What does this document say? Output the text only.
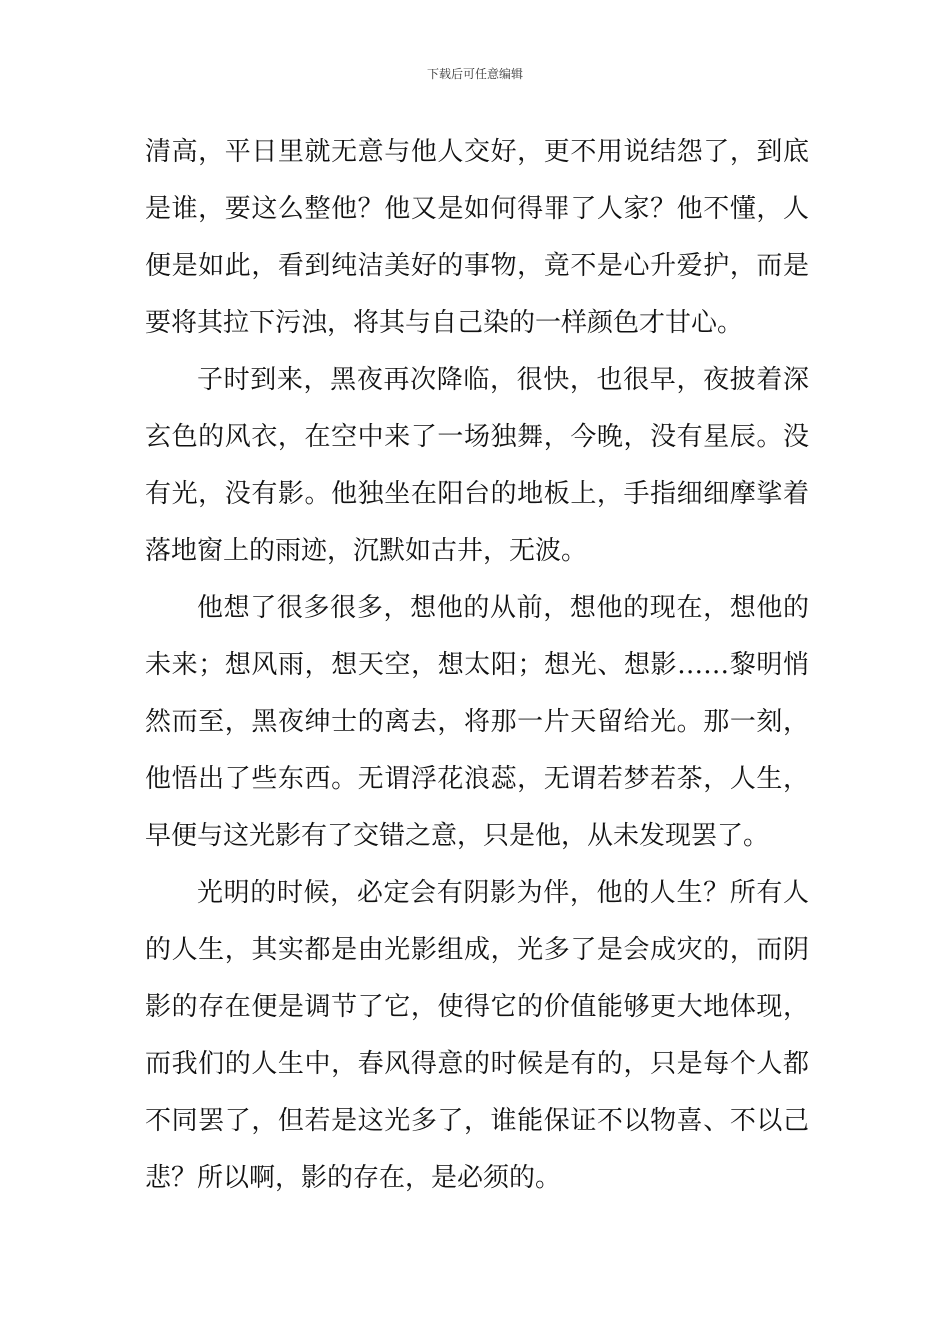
下载后可任意编辑
清高，平日里就无意与他人交好，更不用说结怨了，到底
是谁，要这么整他？他又是如何得罪了人家？他不懂，人
便是如此，看到纯洁美好的事物，竟不是心升爱护，而是
要将其拉下污浊，将其与自己染的一样颜色才甘心。
子时到来，黑夜再次降临，很快，也很早，夜披着深
玄色的风衣，在空中来了一场独舞，今晚，没有星辰。没
有光，没有影。他独坐在阳台的地板上，手指细细摩挲着
落地窗上的雨迹，沉默如古井，无波。
他想了很多很多，想他的从前，想他的现在，想他的
未来；想风雨，想天空，想太阳；想光、想影……黎明悄
然而至，黑夜绅士的离去，将那一片天留给光。那一刻，
他悟出了些东西。无谓浮花浪蕊，无谓若梦若茶，人生，
早便与这光影有了交错之意，只是他，从未发现罢了。
光明的时候，必定会有阴影为伴，他的人生？所有人
的人生，其实都是由光影组成，光多了是会成灾的，而阴
影的存在便是调节了它，使得它的价值能够更大地体现，
而我们的人生中，春风得意的时候是有的，只是每个人都
不同罢了，但若是这光多了，谁能保证不以物喜、不以己
悲？所以啊，影的存在，是必须的。
